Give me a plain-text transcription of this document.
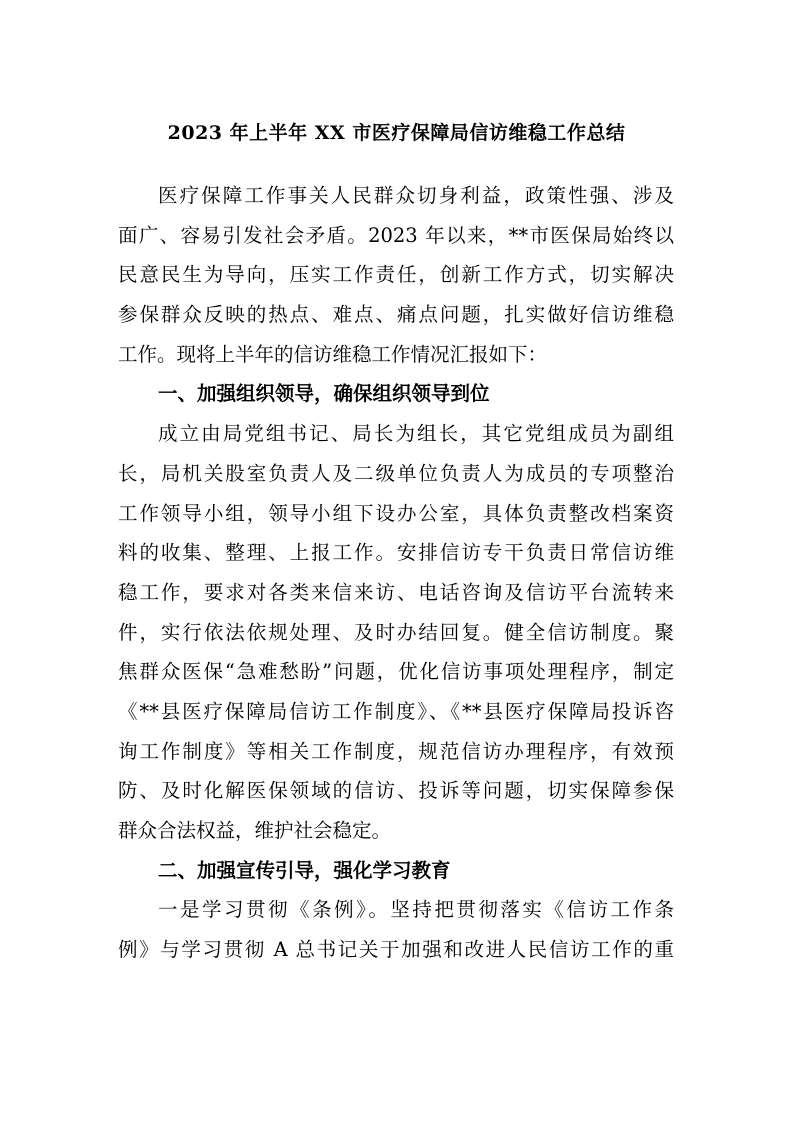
2023 年上半年 XX 市医疗保障局信访维稳工作总结
医疗保障工作事关人民群众切身利益，政策性强、涉及
面广、容易引发社会矛盾。2023 年以来，**市医保局始终以
民意民生为导向，压实工作责任，创新工作方式，切实解决
参保群众反映的热点、难点、痛点问题，扎实做好信访维稳
工作。现将上半年的信访维稳工作情况汇报如下：
一、加强组织领导，确保组织领导到位
成立由局党组书记、局长为组长，其它党组成员为副组
长，局机关股室负责人及二级单位负责人为成员的专项整治
工作领导小组，领导小组下设办公室，具体负责整改档案资
料的收集、整理、上报工作。安排信访专干负责日常信访维
稳工作，要求对各类来信来访、电话咨询及信访平台流转来
件，实行依法依规处理、及时办结回复。健全信访制度。聚
焦群众医保“急难愁盼”问题，优化信访事项处理程序，制定
《**县医疗保障局信访工作制度》、《**县医疗保障局投诉咨
询工作制度》等相关工作制度，规范信访办理程序，有效预
防、及时化解医保领域的信访、投诉等问题，切实保障参保
群众合法权益，维护社会稳定。
二、加强宣传引导，强化学习教育
一是学习贯彻《条例》。坚持把贯彻落实《信访工作条
例》与学习贯彻 A 总书记关于加强和改进人民信访工作的重
